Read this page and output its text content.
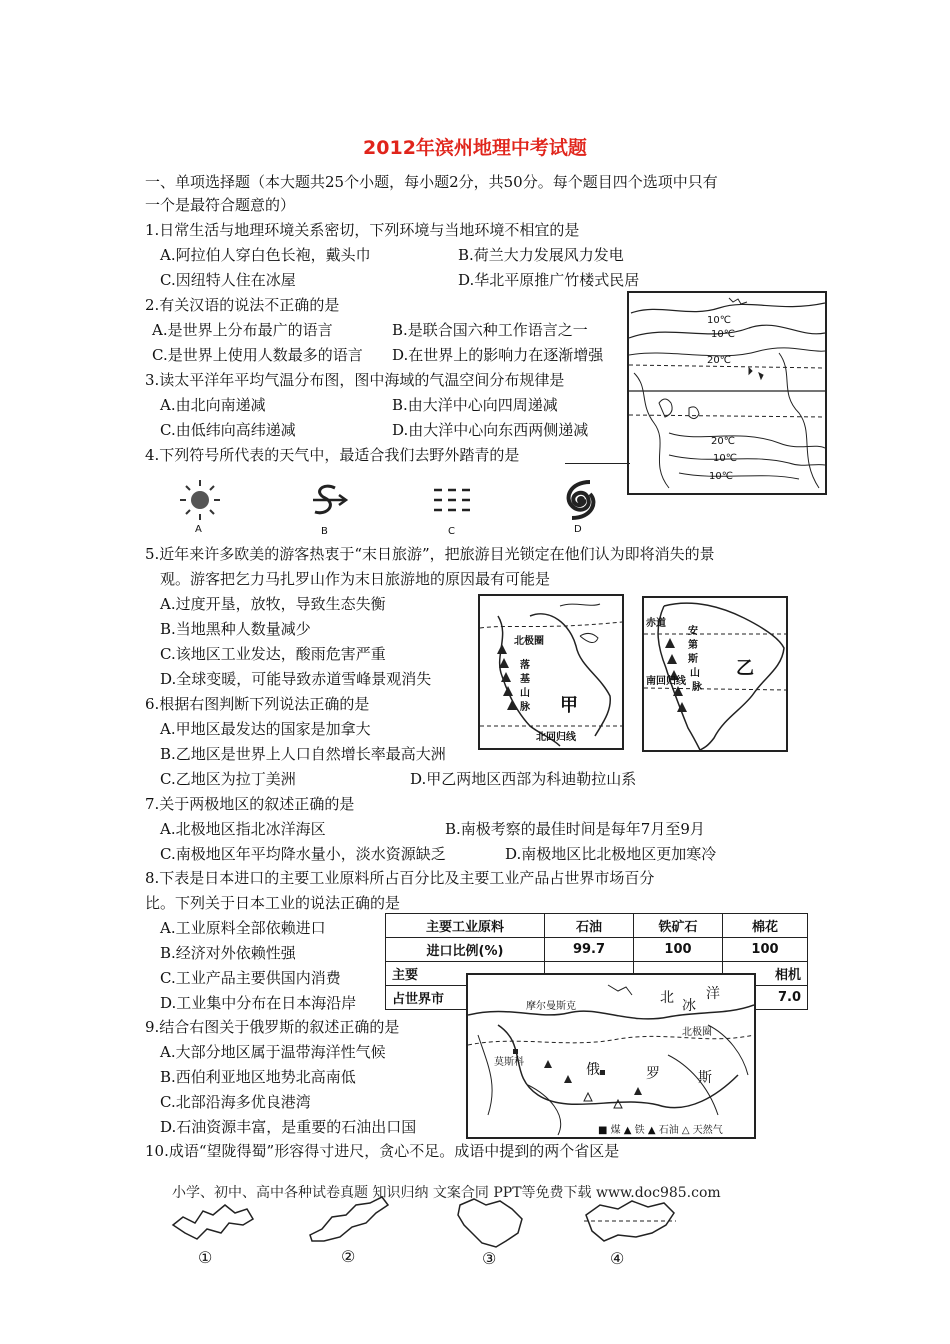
2012年滨州地理中考试题
一、单项选择题（本大题共25个小题，每小题2分，共50分。每个题目四个选项中只有
一个是最符合题意的）
1.日常生活与地理环境关系密切，下列环境与当地环境不相宜的是
A.阿拉伯人穿白色长袍，戴头巾	B.荷兰大力发展风力发电
C.因纽特人住在冰屋	D.华北平原推广竹楼式民居
2.有关汉语的说法不正确的是
A.是世界上分布最广的语言	B.是联合国六种工作语言之一
C.是世界上使用人数最多的语言 D.在世界上的影响力在逐渐增强
3.读太平洋年平均气温分布图，图中海域的气温空间分布规律是
A.由北向南递减	B.由大洋中心向四周递减
C.由低纬向高纬递减	D.由大洋中心向东西两侧递减
10℃
10℃
20℃
20℃
10℃
10℃
4.下列符号所代表的天气中，最适合我们去野外踏青的是
A	B	C	D
5.近年来许多欧美的游客热衷于“末日旅游”，把旅游目光锁定在他们认为即将消失的景
观。游客把乞力马扎罗山作为末日旅游地的原因最有可能是
A.过度开垦，放牧，导致生态失衡
B.当地黑种人数量减少
C.该地区工业发达，酸雨危害严重
D.全球变暖，可能导致赤道雪峰景观消失
6.根据右图判断下列说法正确的是
A.甲地区最发达的国家是加拿大
B.乙地区是世界上人口自然增长率最高大洲
C.乙地区为拉丁美洲	D.甲乙两地区西部为科迪勒拉山系
北极圈
落
基
山
脉 甲
北回归线
赤道
安
第
斯
山
脉
南回归线
乙
7.关于两极地区的叙述正确的是
A.北极地区指北冰洋海区	B.南极考察的最佳时间是每年7月至9月
C.南极地区年平均降水量小，淡水资源缺乏	D.南极地区比北极地区更加寒冷
8.下表是日本进口的主要工业原料所占百分比及主要工业产品占世界市场百分
比。下列关于日本工业的说法正确的是
A.工业原料全部依赖进口
B.经济对外依赖性强
C.工业产品主要供国内消费
D.工业集中分布在日本海沿岸
主要工业原料	石油	铁矿石	棉花
进口比例(%)	99.7	100	100
主要			相机
占世界市			7.0
9.结合右图关于俄罗斯的叙述正确的是
A.大部分地区属于温带海洋性气候
B.西伯利亚地区地势北高南低
C.北部沿海多优良港湾
D.石油资源丰富，是重要的石油出口国
摩尔曼斯克
北 冰
洋
北极圈
莫斯科	俄	罗	斯
■ 煤 ▲ 铁 ▲ 石油 △ 天然气
10.成语“望陇得蜀”形容得寸进尺，贪心不足。成语中提到的两个省区是
①	②	③	④
小学、初中、高中各种试卷真题 知识归纳 文案合同 PPT等免费下载 www.doc985.com
